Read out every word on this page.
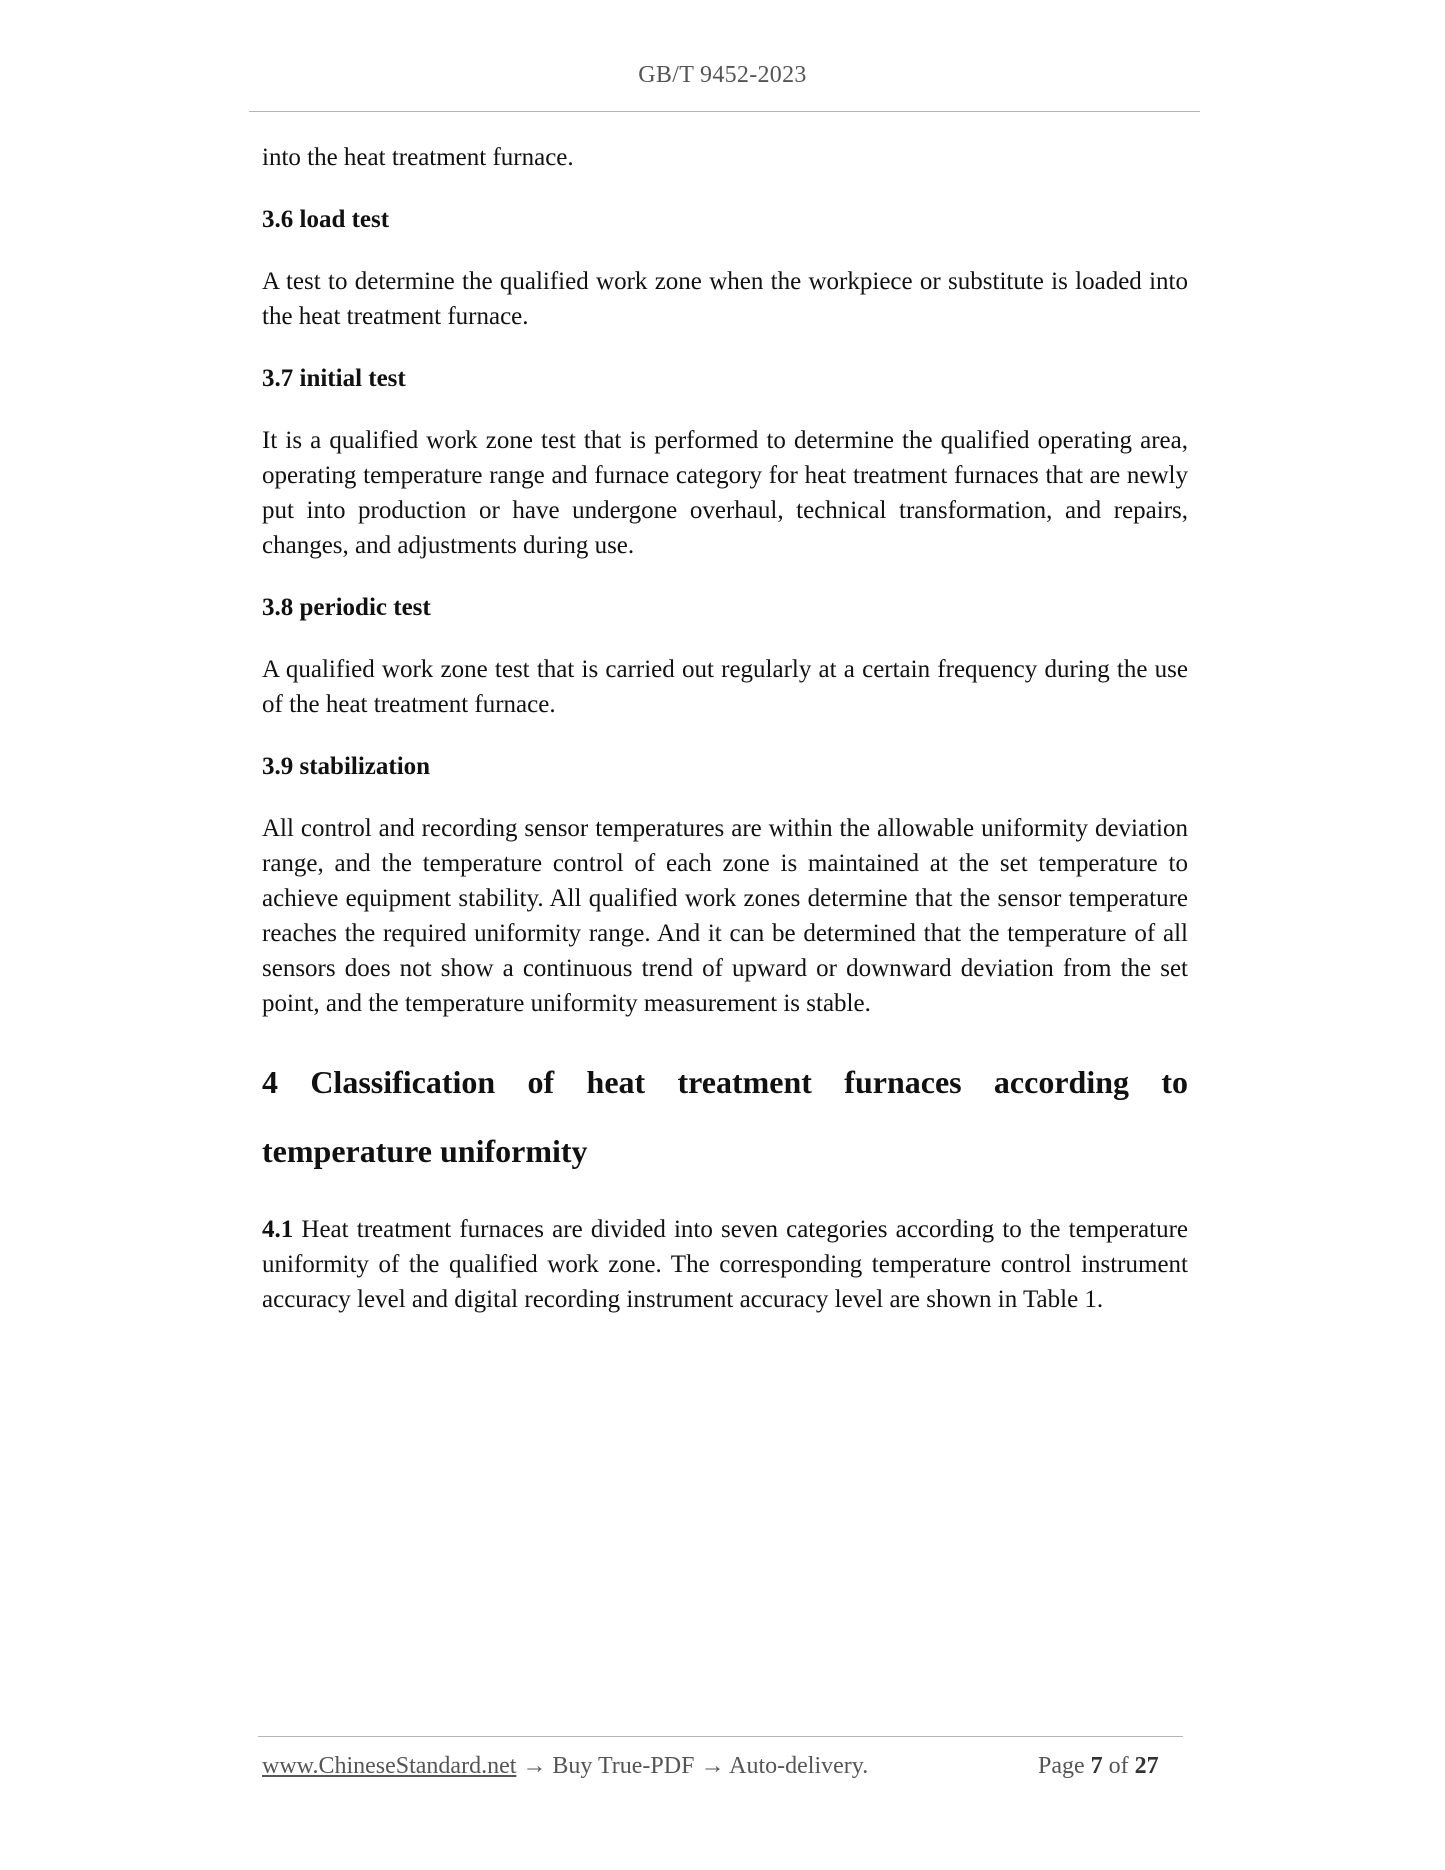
GB/T 9452-2023

into the heat treatment furnace.

3.6 load test

A test to determine the qualified work zone when the workpiece or substitute is loaded into the heat treatment furnace.

3.7 initial test

It is a qualified work zone test that is performed to determine the qualified operating area, operating temperature range and furnace category for heat treatment furnaces that are newly put into production or have undergone overhaul, technical transformation, and repairs, changes, and adjustments during use.

3.8 periodic test

A qualified work zone test that is carried out regularly at a certain frequency during the use of the heat treatment furnace.

3.9 stabilization

All control and recording sensor temperatures are within the allowable uniformity deviation range, and the temperature control of each zone is maintained at the set temperature to achieve equipment stability. All qualified work zones determine that the sensor temperature reaches the required uniformity range. And it can be determined that the temperature of all sensors does not show a continuous trend of upward or downward deviation from the set point, and the temperature uniformity measurement is stable.

4 Classification of heat treatment furnaces according to
temperature uniformity

4.1 Heat treatment furnaces are divided into seven categories according to the temperature uniformity of the qualified work zone. The corresponding temperature control instrument accuracy level and digital recording instrument accuracy level are shown in Table 1.

www.ChineseStandard.net → Buy True-PDF → Auto-delivery.	Page 7 of 27
